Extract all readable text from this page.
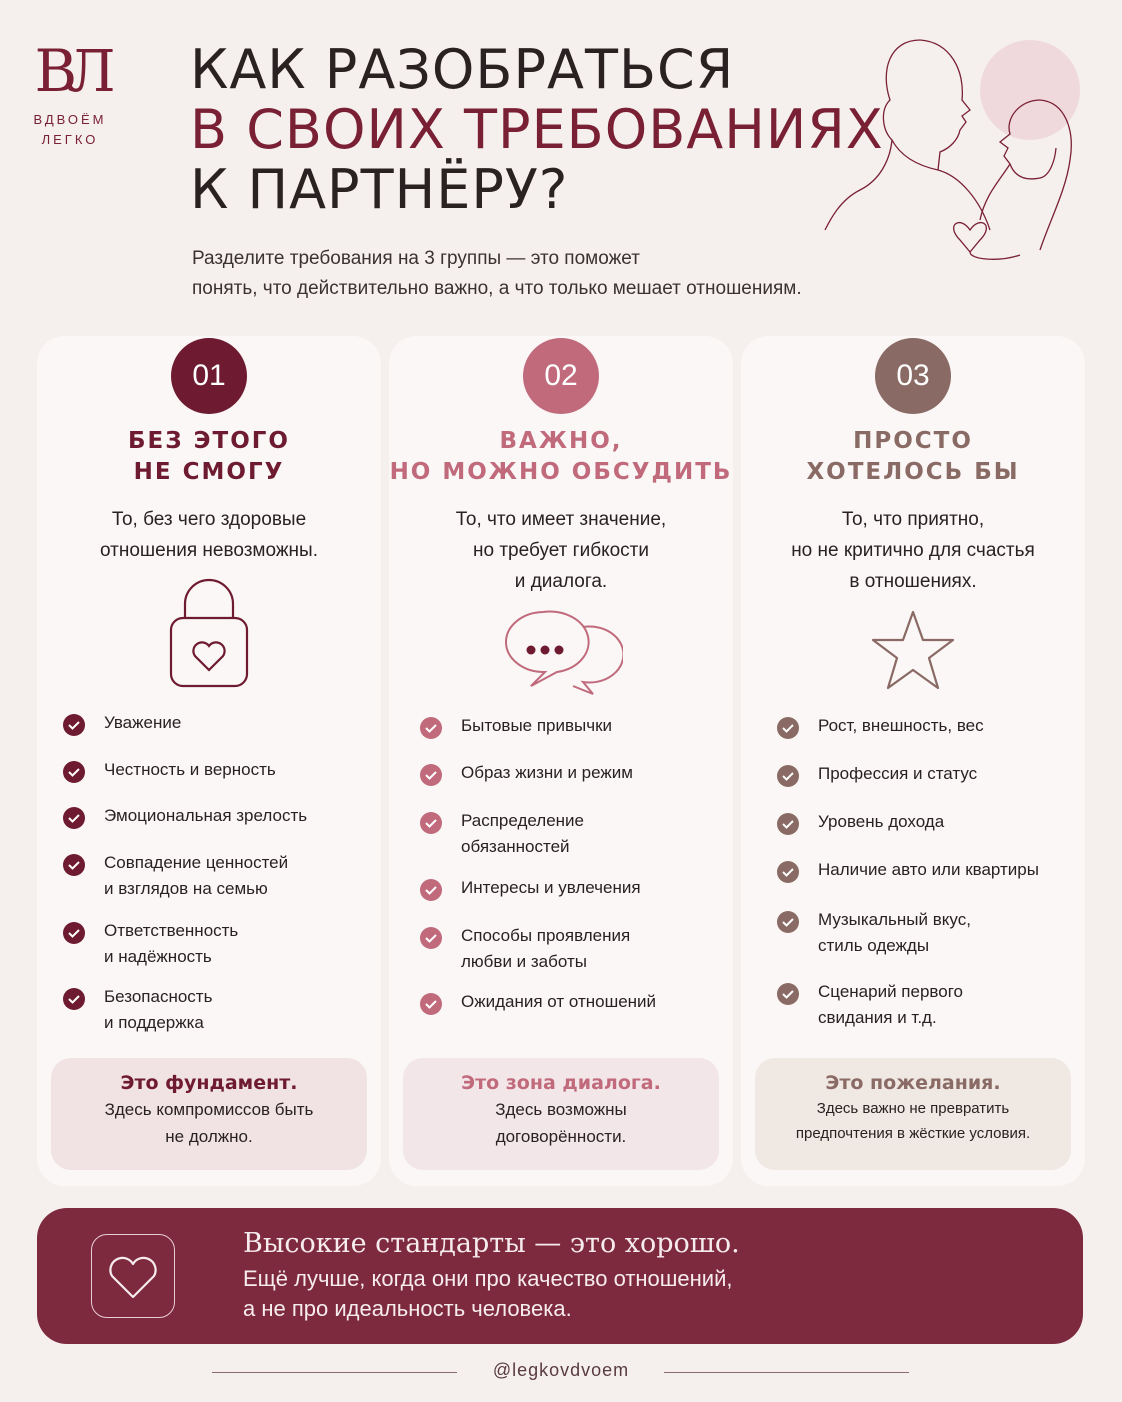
ВЛ
ВДВОЁМ
ЛЕГКО
КАК РАЗОБРАТЬСЯ
В СВОИХ ТРЕБОВАНИЯХ
К ПАРТНЁРУ?
Разделите требования на 3 группы — это поможет
понять, что действительно важно, а что только мешает отношениям.
01
БЕЗ ЭТОГО
НЕ СМОГУ
То, без чего здоровые
отношения невозможны.
Уважение
Честность и верность
Эмоциональная зрелость
Совпадение ценностей
и взглядов на семью
Ответственность
и надёжность
Безопасность
и поддержка
Это фундамент.
Здесь компромиссов быть
не должно.
02
ВАЖНО,
НО МОЖНО ОБСУДИТЬ
То, что имеет значение,
но требует гибкости
и диалога.
Бытовые привычки
Образ жизни и режим
Распределение
обязанностей
Интересы и увлечения
Способы проявления
любви и заботы
Ожидания от отношений
Это зона диалога.
Здесь возможны
договорённости.
03
ПРОСТО
ХОТЕЛОСЬ БЫ
То, что приятно,
но не критично для счастья
в отношениях.
Рост, внешность, вес
Профессия и статус
Уровень дохода
Наличие авто или квартиры
Музыкальный вкус,
стиль одежды
Сценарий первого
свидания и т.д.
Это пожелания.
Здесь важно не превратить
предпочтения в жёсткие условия.
Высокие стандарты — это хорошо.
Ещё лучше, когда они про качество отношений,
а не про идеальность человека.
@legkovdvoem
